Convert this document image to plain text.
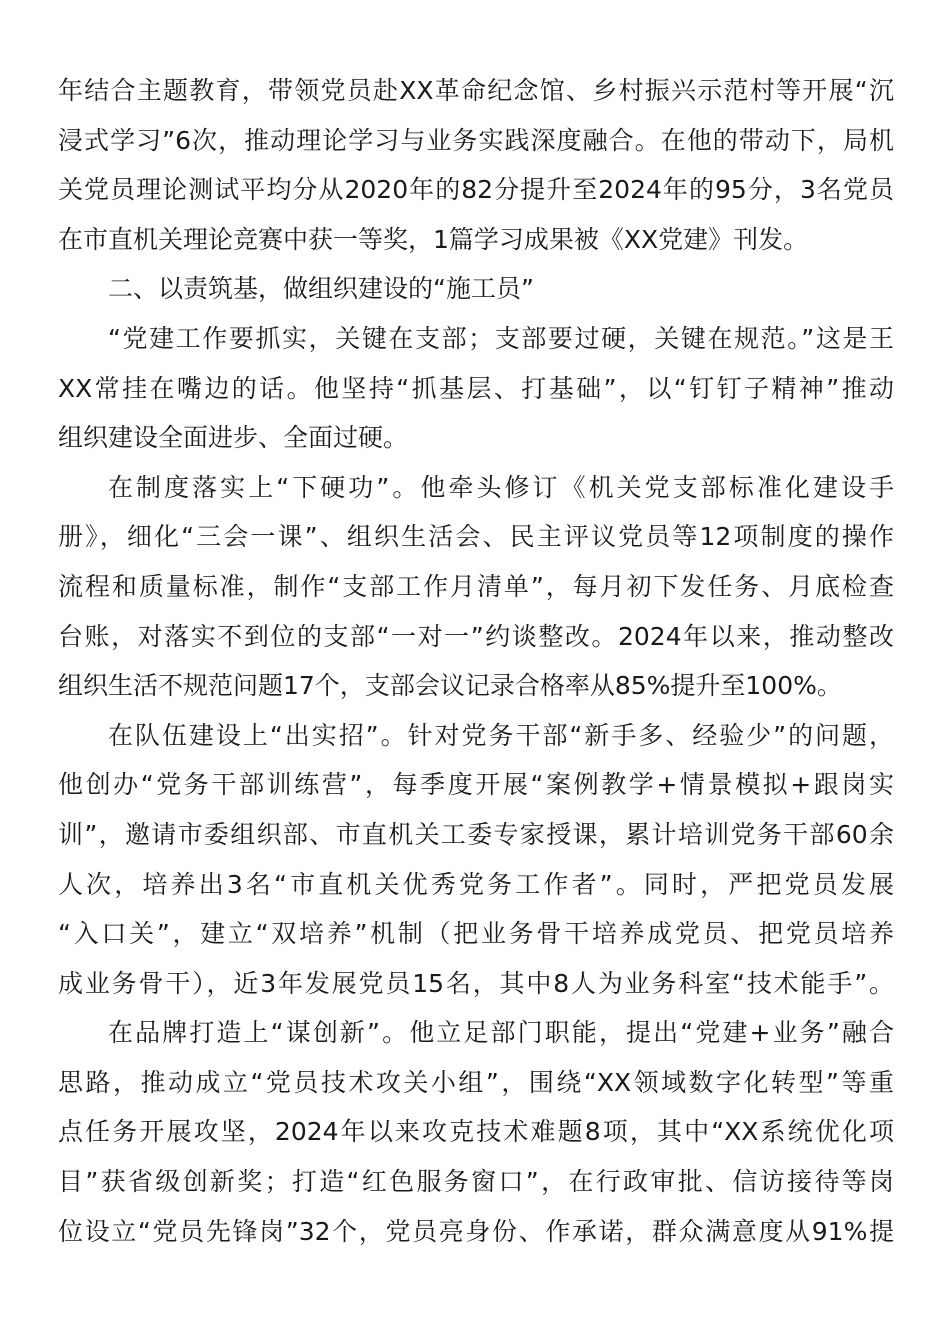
年结合主题教育，带领党员赴XX革命纪念馆、乡村振兴示范村等开展“沉
浸式学习”6次，推动理论学习与业务实践深度融合。在他的带动下，局机
关党员理论测试平均分从2020年的82分提升至2024年的95分，3名党员
在市直机关理论竞赛中获一等奖，1篇学习成果被《XX党建》刊发。
二、以责筑基，做组织建设的“施工员”
“党建工作要抓实，关键在支部；支部要过硬，关键在规范。”这是王
XX常挂在嘴边的话。他坚持“抓基层、打基础”，以“钉钉子精神”推动
组织建设全面进步、全面过硬。
在制度落实上“下硬功”。他牵头修订《机关党支部标准化建设手
册》，细化“三会一课”、组织生活会、民主评议党员等12项制度的操作
流程和质量标准，制作“支部工作月清单”，每月初下发任务、月底检查
台账，对落实不到位的支部“一对一”约谈整改。2024年以来，推动整改
组织生活不规范问题17个，支部会议记录合格率从85%提升至100%。
在队伍建设上“出实招”。针对党务干部“新手多、经验少”的问题，
他创办“党务干部训练营”，每季度开展“案例教学+情景模拟+跟岗实
训”，邀请市委组织部、市直机关工委专家授课，累计培训党务干部60余
人次，培养出3名“市直机关优秀党务工作者”。同时，严把党员发展
“入口关”，建立“双培养”机制（把业务骨干培养成党员、把党员培养
成业务骨干），近3年发展党员15名，其中8人为业务科室“技术能手”。
在品牌打造上“谋创新”。他立足部门职能，提出“党建+业务”融合
思路，推动成立“党员技术攻关小组”，围绕“XX领域数字化转型”等重
点任务开展攻坚，2024年以来攻克技术难题8项，其中“XX系统优化项
目”获省级创新奖；打造“红色服务窗口”，在行政审批、信访接待等岗
位设立“党员先锋岗”32个，党员亮身份、作承诺，群众满意度从91%提
